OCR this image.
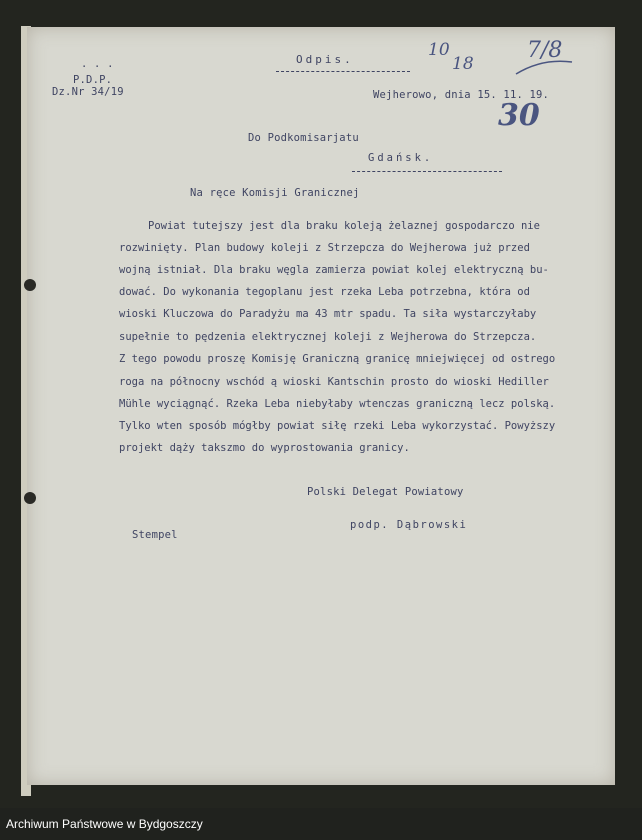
. . .
P.D.P.
Dz.Nr 34/19
Odpis.	10
18
7/8
30
Wejherowo, dnia 15. 11. 19.
Do Podkomisarjatu
Gdańsk.
Na ręce Komisji Granicznej
Powiat tutejszy jest dla braku koleją żelaznej gospodarczo nie
rozwinięty. Plan budowy koleji z Strzepcza do Wejherowa już przed
wojną istniał. Dla braku węgla zamierza powiat kolej elektryczną bu-
dować. Do wykonania tegoplanu jest rzeka Leba potrzebna, która od
wioski Kluczowa do Paradyżu ma 43 mtr spadu. Ta siła wystarczyłaby
supełnie to pędzenia elektrycznej koleji z Wejherowa do Strzepcza.
Z tego powodu proszę Komisję Graniczną granicę mniejwięcej od ostrego
roga na północny wschód ą wioski Kantschin prosto do wioski Hediller
Mühle wyciągnąć. Rzeka Leba niebyłaby wtenczas graniczną lecz polską.
Tylko wten sposób mógłby powiat siłę rzeki Leba wykorzystać. Powyższy
projekt dąży takszmo do wyprostowania granicy.
Polski Delegat Powiatowy
podp. Dąbrowski
Stempel
Archiwum Państwowe w Bydgoszczy
